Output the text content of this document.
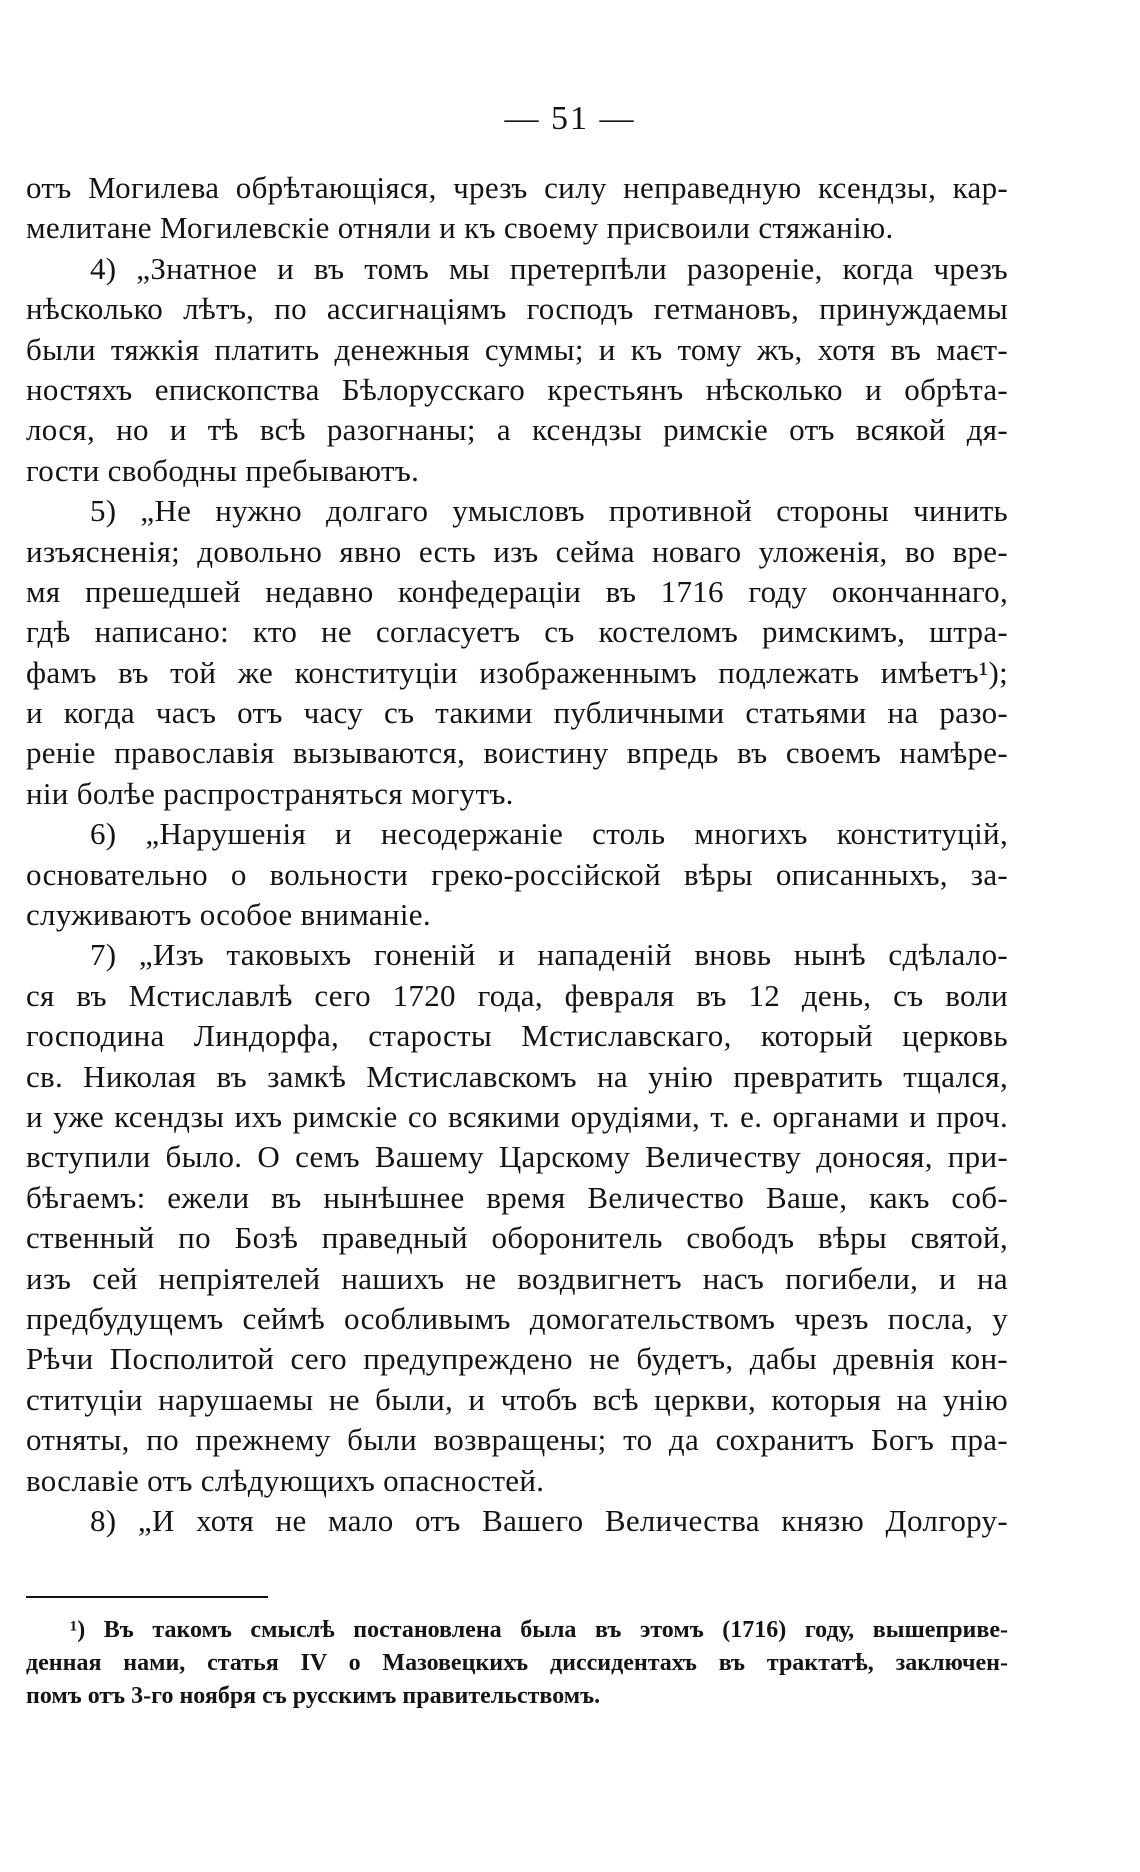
— 51 —
отъ Могилева обрѣтающіяся, чрезъ силу неправедную ксендзы, кар-
мелитане Могилевскіе отняли и къ своему присвоили стяжанію.
4) „Знатное и въ томъ мы претерпѣли разореніе, когда чрезъ
нѣсколько лѣтъ, по ассигнаціямъ господъ гетмановъ, принуждаемы
были тяжкія платить денежныя суммы; и къ тому жъ, хотя въ маєт-
ностяхъ епископства Бѣлорусскаго крестьянъ нѣсколько и обрѣта-
лося, но и тѣ всѣ разогнаны; а ксендзы римскіе отъ всякой дя-
гости свободны пребываютъ.
5) „Не нужно долгаго умысловъ противной стороны чинить
изъясненія; довольно явно есть изъ сейма новаго уложенія, во вре-
мя прешедшей недавно конфедераціи въ 1716 году окончаннаго,
гдѣ написано: кто не согласуетъ съ костеломъ римскимъ, штра-
фамъ въ той же конституціи изображеннымъ подлежать имѣетъ¹);
и когда часъ отъ часу съ такими публичными статьями на разо-
реніе православія вызываются, воистину впредь въ своемъ намѣре-
ніи болѣе распространяться могутъ.
6) „Нарушенія и несодержаніе столь многихъ конституцій,
основательно о вольности греко-россійской вѣры описанныхъ, за-
служиваютъ особое вниманіе.
7) „Изъ таковыхъ гоненій и нападеній вновь нынѣ сдѣлало-
ся въ Мстиславлѣ сего 1720 года, февраля въ 12 день, съ воли
господина Линдорфа, старосты Мстиславскаго, который церковь
св. Николая въ замкѣ Мстиславскомъ на унію превратить тщался,
и уже ксендзы ихъ римскіе со всякими орудіями, т. е. органами и проч.
вступили было. О семъ Вашему Царскому Величеству доносяя, при-
бѣгаемъ: ежели въ нынѣшнее время Величество Ваше, какъ соб-
ственный по Бозѣ праведный оборонитель свободъ вѣры святой,
изъ сей непріятелей нашихъ не воздвигнетъ насъ погибели, и на
предбудущемъ сеймѣ особливымъ домогательствомъ чрезъ посла, у
Рѣчи Посполитой сего предупреждено не будетъ, дабы древнія кон-
ституціи нарушаемы не были, и чтобъ всѣ церкви, которыя на унію
отняты, по прежнему были возвращены; то да сохранитъ Богъ пра-
вославіе отъ слѣдующихъ опасностей.
8) „И хотя не мало отъ Вашего Величества князю Долгору-
¹) Въ такомъ смыслѣ постановлена была въ этомъ (1716) году, вышеприве-
денная нами, статья IV о Мазовецкихъ диссидентахъ въ трактатѣ, заключен-
помъ отъ 3-го ноября съ русскимъ правительствомъ.
